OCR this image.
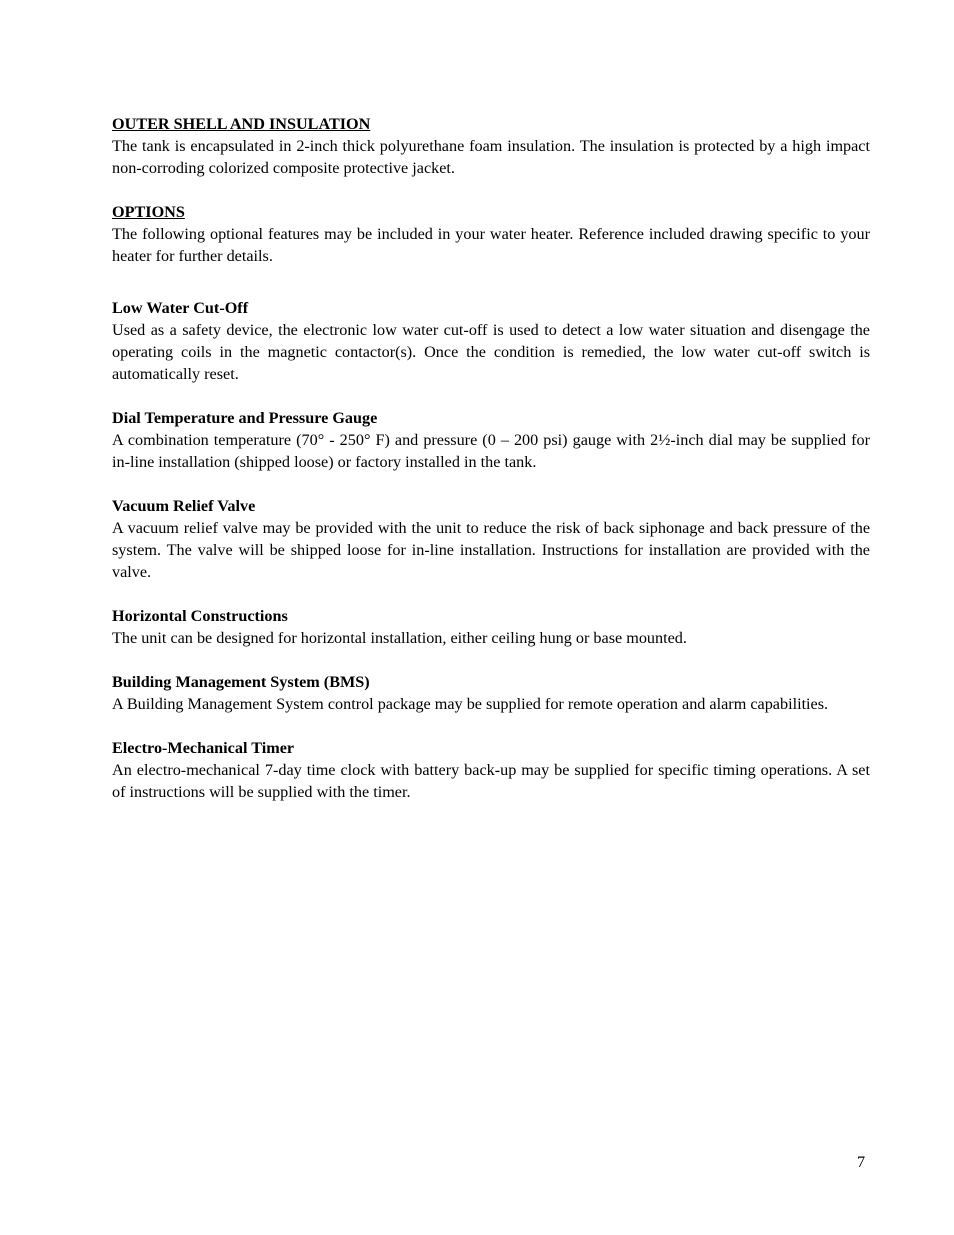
OUTER SHELL AND INSULATION

The tank is encapsulated in 2-inch thick polyurethane foam insulation. The insulation is protected by a high impact non-corroding colorized composite protective jacket.

OPTIONS

The following optional features may be included in your water heater. Reference included drawing specific to your heater for further details.

Low Water Cut-Off

Used as a safety device, the electronic low water cut-off is used to detect a low water situation and disengage the operating coils in the magnetic contactor(s). Once the condition is remedied, the low water cut-off switch is automatically reset.

Dial Temperature and Pressure Gauge

A combination temperature (70° - 250° F) and pressure (0 – 200 psi) gauge with 2½-inch dial may be supplied for in-line installation (shipped loose) or factory installed in the tank.

Vacuum Relief Valve

A vacuum relief valve may be provided with the unit to reduce the risk of back siphonage and back pressure of the system. The valve will be shipped loose for in-line installation. Instructions for installation are provided with the valve.

Horizontal Constructions

The unit can be designed for horizontal installation, either ceiling hung or base mounted.

Building Management System (BMS)

A Building Management System control package may be supplied for remote operation and alarm capabilities.

Electro-Mechanical Timer

An electro-mechanical 7-day time clock with battery back-up may be supplied for specific timing operations. A set of instructions will be supplied with the timer.

7
